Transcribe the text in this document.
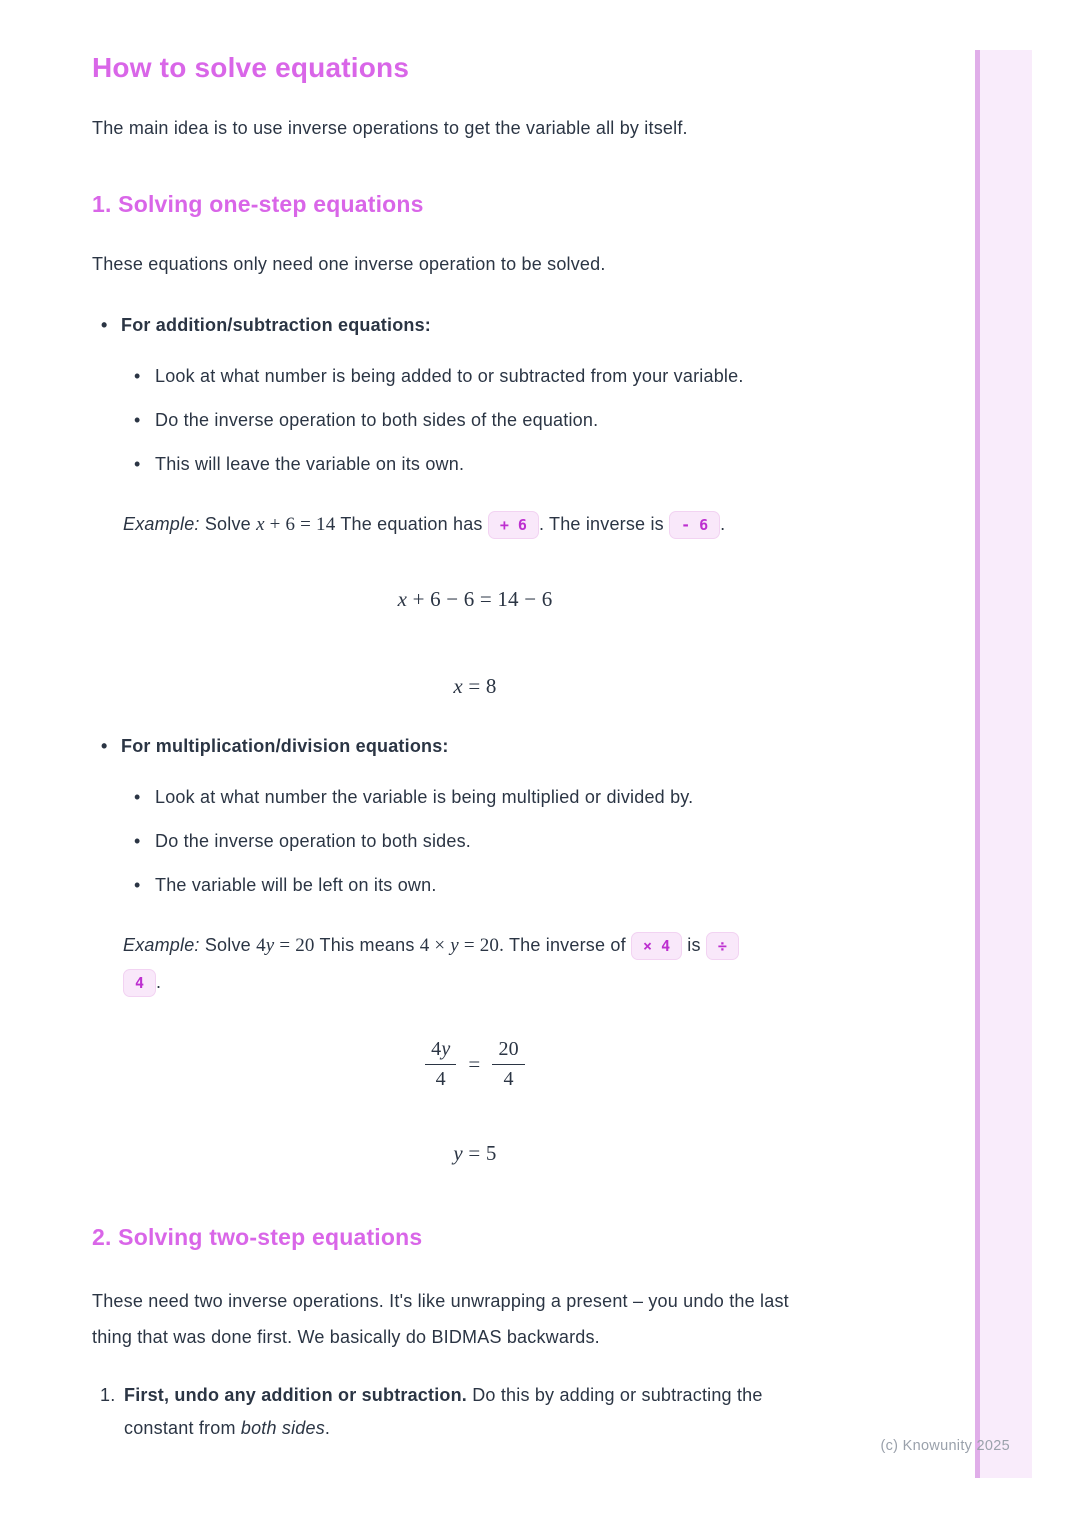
How to solve equations

The main idea is to use inverse operations to get the variable all by itself.

1. Solving one-step equations

These equations only need one inverse operation to be solved.

• For addition/subtraction equations:
• Look at what number is being added to or subtracted from your variable.
• Do the inverse operation to both sides of the equation.
• This will leave the variable on its own.

Example: Solve x + 6 = 14 The equation has + 6 . The inverse is - 6 .

x + 6 − 6 = 14 − 6
x = 8
• For multiplication/division equations:
• Look at what number the variable is being multiplied or divided by.
• Do the inverse operation to both sides.
• The variable will be left on its own.

Example: Solve 4y = 20 This means 4 × y = 20. The inverse of × 4 is ÷
4 .

$\frac{4y}{4} = \frac{20}{4}$
y = 5
2. Solving two-step equations

These need two inverse operations. It's like unwrapping a present – you undo the last thing that was done first. We basically do BIDMAS backwards.

1. First, undo any addition or subtraction. Do this by adding or subtracting the constant from both sides.
(c) Knowunity 2025
